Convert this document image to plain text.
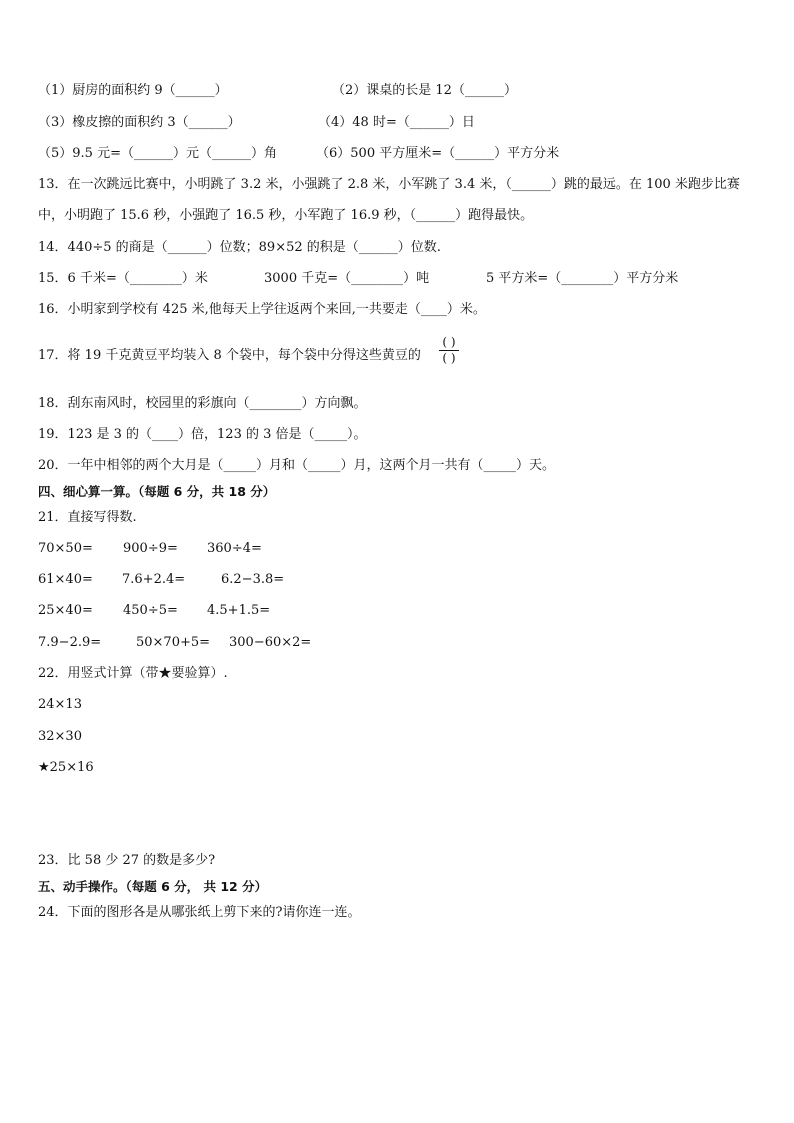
（1）厨房的面积约 9（______）	（2）课桌的长是 12（______）
（3）橡皮擦的面积约 3（______）	（4）48 时=（______）日
（5）9.5 元=（______）元（______）角	（6）500 平方厘米=（______）平方分米
13．在一次跳远比赛中，小明跳了 3.2 米，小强跳了 2.8 米，小军跳了 3.4 米，（______）跳的最远。在 100 米跑步比赛
中，小明跑了 15.6 秒，小强跑了 16.5 秒，小军跑了 16.9 秒，（______）跑得最快。
14．440÷5 的商是（______）位数；89×52 的积是（______）位数.
15．6 千米=（________）米	3000 千克=（________）吨	5 平方米=（________）平方分米
16．小明家到学校有 425 米,他每天上学往返两个来回,一共要走（____）米。
17．将 19 千克黄豆平均装入 8 个袋中，每个袋中分得这些黄豆的
( )
( )
18．刮东南风时，校园里的彩旗向（________）方向飘。
19．123 是 3 的（____）倍，123 的 3 倍是（_____）。
20．一年中相邻的两个大月是（_____）月和（_____）月，这两个月一共有（_____）天。
四、细心算一算。（每题 6 分，共 18 分）
21．直接写得数.
70×50= 900÷9= 360÷4=
61×40= 7.6+2.4=	6.2−3.8=
25×40= 450÷5= 4.5+1.5=
7.9−2.9=	50×70+5= 300−60×2=
22．用竖式计算（带★要验算）.
24×13
32×30
★25×16
23．比 58 少 27 的数是多少?
五、动手操作。（每题 6 分， 共 12 分）
24．下面的图形各是从哪张纸上剪下来的?请你连一连。
